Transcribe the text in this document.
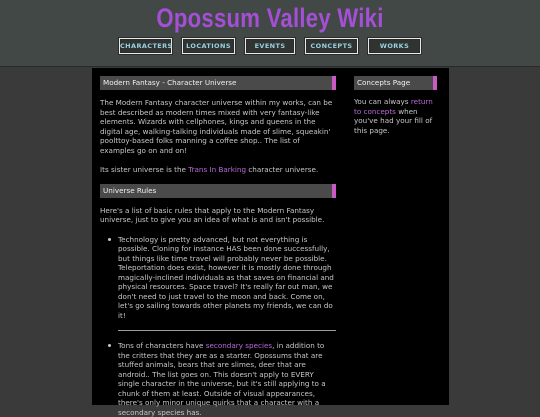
Opossum Valley Wiki
CHARACTERS	LOCATIONS	EVENTS	CONCEPTS	WORKS
Modern Fantasy - Character Universe

The Modern Fantasy character universe within my works, can be best described as modern times mixed with very fantasy-like elements. Wizards with cellphones, kings and queens in the digital age, walking-talking individuals made of slime, squeakin' poolttoy-based folks manning a coffee shop.. The list of examples go on and on!

Its sister universe is the Trans In Barking character universe.

Universe Rules

Here's a list of basic rules that apply to the Modern Fantasy universe, just to give you an idea of what is and isn't possible.

Technology is pretty advanced, but not everything is possible. Cloning for instance HAS been done successfully, but things like time travel will probably never be possible. Teleportation does exist, however it is mostly done through magically-inclined individuals as that saves on financial and physical resources. Space travel? It's really far out man, we don't need to just travel to the moon and back. Come on, let's go sailing towards other planets my friends, we can do it!
Tons of characters have secondary species, in addition to the critters that they are as a starter. Opossums that are stuffed animals, bears that are slimes, deer that are android.. The list goes on. This doesn't apply to EVERY single character in the universe, but it's still applying to a chunk of them at least. Outside of visual appearances, there's only minor unique quirks that a character with a secondary species has.
Concepts Page

You can always return to concepts when you've had your fill of this page.
